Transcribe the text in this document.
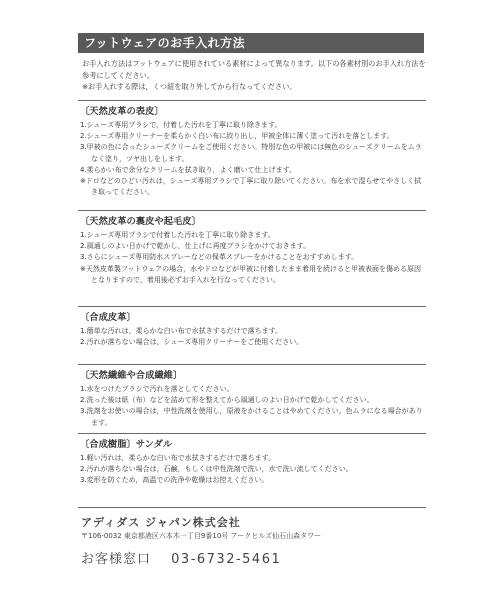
フットウェアのお手入れ方法

お手入れ方法はフットウェアに使用されている素材によって異なります。以下の各素材別のお手入れ方法を参考にしてください。

※お手入れする際は，くつ紐を取り外してから行なってください。

〔天然皮革の表皮〕
1.シューズ専用ブラシで，付着した汚れを丁寧に取り除きます。
2.シューズ専用クリーナーを柔らかく白い布に絞り出し，甲被全体に薄く塗って汚れを落とします。
3.甲被の色に合ったシューズクリームをご使用ください。特別な色の甲被には無色のシューズクリームをムラなく塗り，ツヤ出しをします。
4.柔らかい布で余分なクリームを拭き取り，よく磨いて仕上げます。
※ドロなどのひどい汚れは，シューズ専用ブラシで丁寧に取り除いてください。布を水で湿らせてやさしく拭き取ってください。
〔天然皮革の裏皮や起毛皮〕
1.シューズ専用ブラシで付着した汚れを丁寧に取り除きます。
2.風通しのよい日かげで乾かし，仕上げに再度ブラシをかけておきます。
3.さらにシューズ専用防水スプレーなどの保革スプレーをかけることをおすすめします。
※天然皮革製フットウェアの場合，水やドロなどが甲被に付着したまま着用を続けると甲被表面を傷める原因となりますので，着用後必ずお手入れを行なってください。
〔合成皮革〕
1.簡単な汚れは，柔らかな白い布で水拭きするだけで落ちます。
2.汚れが落ちない場合は，シューズ専用クリーナーをご使用ください。
〔天然繊維や合成繊維〕
1.水をつけたブラシで汚れを落としてください。
2.洗った後は紙（布）などを詰めて形を整えてから風通しのよい日かげで乾かしてください。
3.洗剤をお使いの場合は，中性洗剤を使用し，原液をかけることはやめてください。色ムラになる場合があります。
〔合成樹脂〕サンダル
1.軽い汚れは，柔らかな白い布で水拭きするだけで落ちます。
2.汚れが落ちない場合は，石鹸，もしくは中性洗剤で洗い，水で洗い流してください。
3.変形を防ぐため，高温での洗浄や乾燥はお控えください。
アディダス ジャパン株式会社
〒106-0032 東京都港区六本木一丁目9番10号 アークヒルズ仙石山森タワー
お客様窓口 03-6732-5461
